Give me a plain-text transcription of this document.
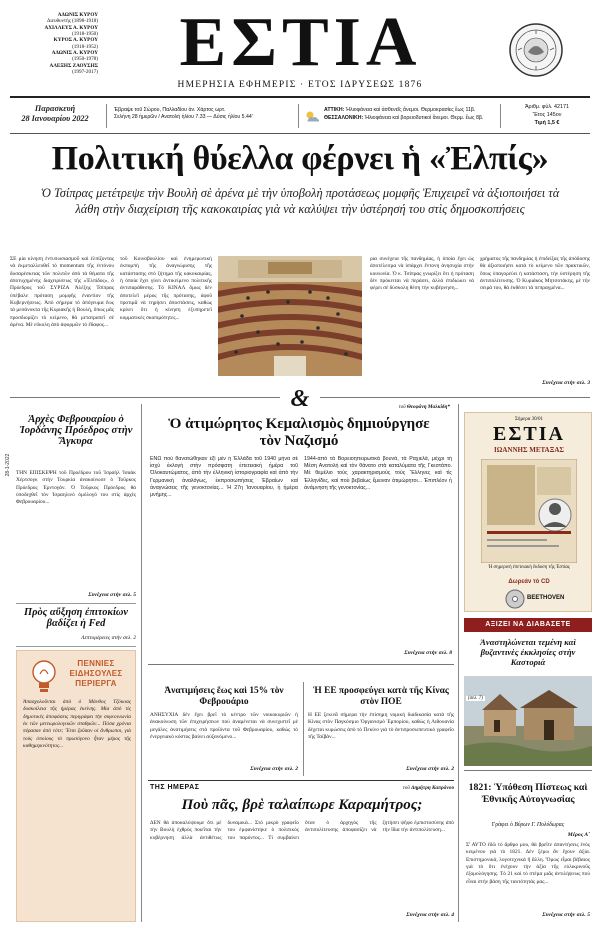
ΑΔΩΝΙΣ ΚΥΡΟΥ
Διευθυντής (1898-1918)
ΑΧΙΛΛΕΥΣ Α. ΚΥΡΟΥ
(1918-1950)
ΚΥΡΟΣ Α. ΚΥΡΟΥ
(1918-1952)
ΑΔΩΝΙΣ Α. ΚΥΡΟΥ
(1950-1978)
ΑΛΕΞΗΣ ΖΑΟΥΣΗΣ
(1997-2017)	ΕΣΤΙΑ
ΗΜΕΡΗΣΙΑ ΕΦΗΜΕΡΙΣ · ΕΤΟΣ ΙΔΡΥΣΕΩΣ 1876
Παρασκευή
28 Ιανουαρίου 2022
Έβραψε τοῦ Σώρου, Παλλαδίου ἀν. Χάρτος ωρτ.
Σελήνη 28 ἡμερῶν / Ανατολή ἡλίου 7.33 — Δύσις ἡλίου 5.44'
ΑΤΤΙΚΗ: Ἡλιοφάνεια καὶ ἀσθενεῖς ἄνεμοι. Θερμοκρασίες ἕως 11β.
ΘΕΣΣΑΛΟΝΙΚΗ: Ἡλιοφάνεια καὶ βορειοδυτικοὶ ἄνεμοι. Θερμ. ἕως 8β.
Ἀριθμ. φύλ. 42171
Ἔτος 145ον
Τιμή 1,5 €
Πολιτική θύελλα φέρνει ἡ «Ἐλπίς»
Ὁ Τσίπρας μετέτρεψε τὴν Βουλὴ σὲ ἀρένα μὲ τὴν ὑποβολὴ προτάσεως μομφῆς Ἐπιχειρεῖ νὰ ἀξιοποιήσει τὰ λάθη στὴν διαχείριση τῆς κακοκαιρίας γιὰ νὰ καλύψει τὴν ὑστέρησή του στὶς δημοσκοπήσεις
ΣΕ μία κίνηση ἐντυπωσιασμοῦ καὶ ἐλπίζοντας νὰ ἐκμεταλλευθεῖ τὸ momentum τῆς ἐντόνου δυσαρέσκειας τῶν πολιτῶν ἀπὸ τὰ θέματα τῆς ἀποτυχημένης διαχειρίσεως τῆς «Ἐλπίδος», ὁ Πρόεδρος τοῦ ΣΥΡΙΖΑ Ἀλέξης Τσίπρας ὑπέβαλε πρόταση μομφῆς ἐναντίον τῆς Κυβερνήσεως. Ἀπὸ σήμερα τὸ ἀπόγευμα ἔως τὰ μεσάνυκτα τῆς Κυριακῆς ἡ Βουλὴ, ὅπως μᾶς προσδιορίζει τὸ κείμενο, θὰ μετατραπεῖ σὲ ἀρένα. Μὲ εὔκολη ἀπὸ ἀφορμῶν τὸ ἔδαφος...
τοῦ Κοινοβουλίου καὶ ἐνημερωτικὴ ἐκπομπὴ τῆς ἀναγνώρισης τῆς κατάστασης στὸ ζήτημα τῆς κακοκαιρίας, ἡ ὁποία ἔχει γίνει ἀντικείμενο πολιτικῆς ἀντιπαράθεσης. Τὸ ΚΙΝΑΛ ὅμως δὲν ἀποτελεῖ μέρος τῆς πρότασης, ἀφοῦ προτιμᾶ νὰ τηρήσει ἀποστάσεις, καθὼς κρίνει ὅτι ἡ κίνηση ἐξυπηρετεῖ κομματικὲς σκοπιμότητες...
ρια συνέχεια τῆς πανδημίας, ἡ ὁποία ἔχει ὡς ἀποτέλεσμα νὰ ὑπάρχει ἔντονη ἀνησυχία στὴν κοινωνία. Ὁ κ. Τσίπρας γνωρίζει ὅτι ἡ πρόταση δὲν πρόκειται νὰ περάσει, ἀλλὰ ἐπιδιώκει νὰ φέρει σὲ δύσκολη θέση τὴν κυβέρνηση...
χρήματος τῆς πανδημίας ἡ ἐπιδείξας τῆς ἀπόδοσης θὰ ἀξιοποιήσει κατὰ τὸ κείμενο τῶν πρακτικῶν, ὅπως ὑπαγορεύει ἡ κατάσταση, τὴν ὑστέρηση τῆς ἀντιπολίτευσης. Ὁ Κυριάκος Μητσοτάκης, μὲ τὴν σειρά του, θὰ ἐκθέσει τὰ πεπραγμένα...
Συνέχεια στὴν σελ. 3
&
28-1-2022
Ἀρχὲς Φεβρουαρίου ὁ Ἰορδάνης Πρόεδρος στὴν Ἄγκυρα
ΤΗΝ ΕΠΙΣΚΕΨΗ τοῦ Προέδρου τοῦ Ἰσραὴλ Ἰσαὰκ Χέρτσογκ στὴν Τουρκία ἀνακοίνωσε ὁ Τοῦρκος Πρόεδρος Ἐρντογάν. Ὁ Τοῦρκος Πρόεδρος θὰ ὑποδεχθεῖ τὸν Ἰσραηλινὸ ὁμόλογό του στὶς ἀρχὲς Φεβρουαρίου...
Συνέχεια στὴν σελ. 5
Πρὸς αὔξηση ἐπιτοκίων βαδίζει ἡ Fed
Λεπτομέρειες στὴν σελ. 2
ΠΕΝΝΙΕΣ ΕΙΔΗΣΟΥΛΕΣ ΠΕΡΙΕΡΓΑ
Ἀπασχολοῦνται ἀπὸ ὁ Μάνθος Τζόκοας δυσκοίλεια τῆς ἡμέρας ἐκείνης. Μία ἀπὸ τὶς δημοτικὲς ἀποφάσεις περιγράφει τὴν συγκοινωνία ἐκ τῶν μετεωρολογικῶν σταθμῶν... Πόσα χρόνια πέρασαν ἀπὸ τότε; Ἔτσι ζοῦσαν οἱ ἄνθρωποι, γιὰ τοὺς ὁποίους τὸ πρωτόγονο ἦταν μέρος τῆς καθημερινότητος...
τοῦ Θεοφάνη Μαλκίδη*
Ὁ ἀτιμώρητος Κεμαλισμὸς δημιούργησε τὸν Ναζισμό
ΕΝΩ ποὺ θανατώθηκαν ἑξὶ μὲν ἡ Ἑλλάδα τοῦ 1940 μήνα σὲ ἰσχὺ ἐκλογὴ στὴν πρόσφατη ἐπετειακὴ ἡμέρα τοῦ Ὁλοκαυτώματος, ἀπὸ τὴν ἑλληνικὴ ἱστοριογραφία καὶ ἀπὸ τὴν Γερμανικὴ ἀναλόγως, ἐκπροσωπήσεις Ἑβραίων καὶ ἀναγνώσεις τῆς γενοκτονίας... Ἡ 27η Ἰανουαρίου, ἡ ἡμέρα μνήμης...
1944-ἀπὸ τὰ Βορειοηπειρωτικὰ βουνά, τὰ Ραχιελά, μέχρι τὴ Μέση Ανατολή καὶ τὸν θάνατο στὰ καταλύματα τῆς Γκεστάπο. Μὲ θεμέλιο τοὺς χαρακτηρισμοὺς τοὺς Ἕλληνες καὶ τὶς Ἑλληνίδες, καὶ ποὺ βεβαίως ἔμειναν ἀτιμώρητοι... Ἐπιπλέον ἡ ἀνάμνηση τῆς γενοκτονίας...
Συνέχεια στὴν σελ. 8
Σήμερα 30/01
ΕΣΤΙΑ
ΙΩΑΝΝΗΣ ΜΕΤΑΞΑΣ
Ἡ σημερινὴ ἐπετειακὴ ἔκδοση τῆς Ἑστίας
Δωρεάν τὸ CD
BEETHOVEN
ΑΞΙΖΕΙ ΝΑ ΔΙΑΒΑΣΕΤΕ
Ἀναστηλώνεται τεμένη καὶ βυζαντινὲς ἐκκλησίες στὴν Καστοριά
(σελ. 7)
Ἀνατιμήσεις ἕως καὶ 15% τὸν Φεβρουάριο
ΑΝΗΣΥΧΙΑ δὲν ἔχει βρεῖ τὸ κέντρο τῶν νοικοκυριῶν ἡ ἀνακοίνωση τῶν ἐπιχειρήσεων ποὺ ἀναμένεται νὰ συνεχιστεῖ μὲ μεγάλες ἀνατιμήσεις στὰ προϊόντα τοῦ Φεβρουαρίου, καθὼς τὸ ἐνεργειακὸ κόστος βαίνει αὐξανόμενο...
Συνέχεια στὴν σελ. 2
Ἡ ΕΕ προσφεύγει κατὰ τῆς Κίνας στὸν ΠΟΕ
Η ΕΕ ξεκινᾶ σήμερα τὴν ἐπίσημη νομικὴ διαδικασία κατὰ τῆς Κίνας στὸν Παγκόσμιο Ὀργανισμὸ Ἐμπορίου, καθὼς ἡ Λιθουανία δέχεται κυρώσεις ἀπὸ τὸ Πεκίνο γιὰ τὸ ἀντιπροσωπευτικὸ γραφεῖο τῆς Ταϊβὰν...
Συνέχεια στὴν σελ. 2
ΤΗΣ ΗΜΕΡΑΣ	τοῦ Δημήτρη Καπράνου
Ποὺ πᾶς, βρὲ ταλαίπωρε Καραμήτρος;
ΔΕΝ θὰ ἀποκαλύψουμε ὅτι μὲ τὴν Βουλὴ ἐχθρὸς ποιεῖται τὴν κυβέρνηση ἀλλὰ ἀντιθέτως δυναμικὰ... Στὸ μικρὸ γραφεῖο του ἐμφανίστηκε ὁ πολιτικὸς του παρόντος... Τί συμβαίνει ὅταν ὁ ἀρχηγὸς τῆς ἀντιπολίτευσης ἀποφασίζει νὰ ζητήσει ψῆφο ἐμπιστοσύνης ἀπὸ τὴν ἴδια τὴν ἀντιπολίτευση...
Συνέχεια στὴν σελ. 4
1821: Ὑπόθεση Πίστεως καὶ Ἐθνικῆς Αὐτογνωσίας
Γράφει ὁ Βύρων Γ. Πολύδωρας
Μέρος Α΄
Σ' ΑΥΤΟ ἐδῶ τὸ ἄρθρο μου, θὰ βρεῖτε ἀπαντήσεις ἐνὸς κειμένου γιὰ τὸ 1821. Δὲν ξέρω ἂν ἔχουν ἀξία. Επιστημονικά, λογοτεχνικά ἢ ἄλλη. Ὅμως εἶμαι βέβαιος γιὰ τὸ ὅτι ἐνέχουν τὴν ἀξία τῆς εὐλικρινοῦς ἐξομολόγησης. Τὸ 21 καὶ τὸ στέμα μιᾶς ἀντιλήψεως ποὺ εἶναι στὴν βάση τῆς ταυτότητάς μας...
Συνέχεια στὴν σελ. 5
